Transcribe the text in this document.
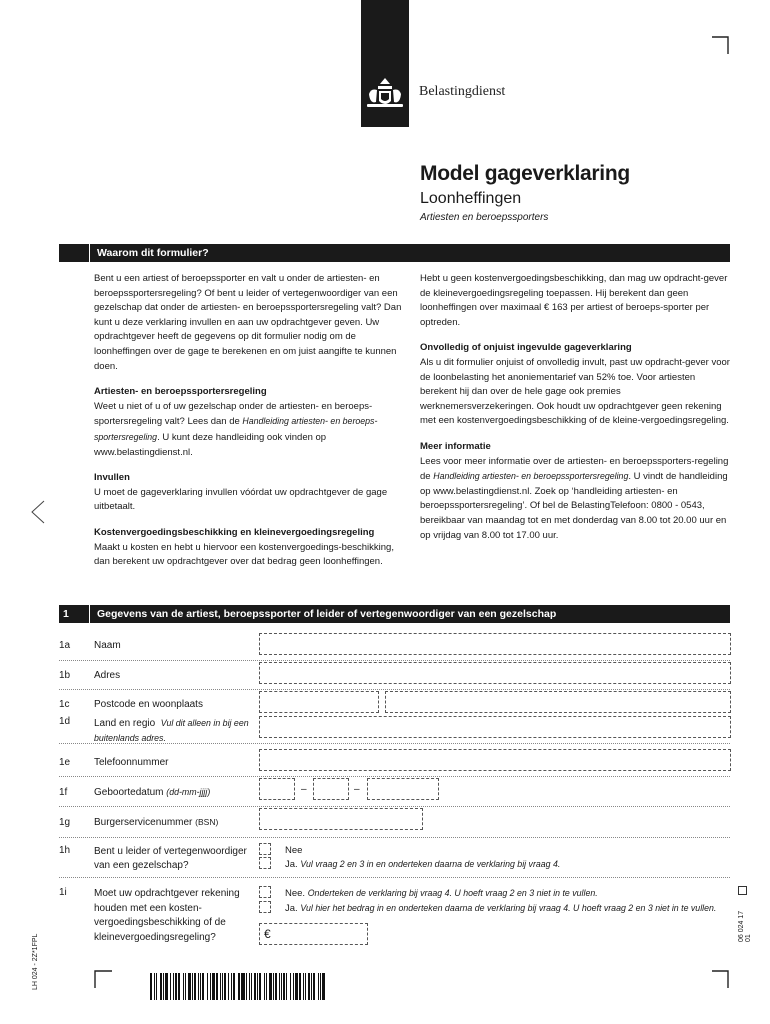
Belastingdienst
Model gageverklaring
Loonheffingen
Artiesten en beroepssporters
Waarom dit formulier?

Bent u een artiest of beroepssporter en valt u onder de artiesten- en beroepssportersregeling? Of bent u leider of vertegenwoordiger van een gezelschap dat onder de artiesten- en beroepssportersregeling valt? Dan kunt u deze verklaring invullen en aan uw opdrachtgever geven. Uw opdrachtgever heeft de gegevens op dit formulier nodig om de loonheffingen over de gage te berekenen en om juist aangifte te kunnen doen.

Artiesten- en beroepssportersregeling

Weet u niet of u of uw gezelschap onder de artiesten- en beroeps-sportersregeling valt? Lees dan de Handleiding artiesten- en beroeps-sportersregeling. U kunt deze handleiding ook vinden op www.belastingdienst.nl.

Invullen

U moet de gageverklaring invullen vóórdat uw opdrachtgever de gage uitbetaalt.

Kostenvergoedingsbeschikking en kleinevergoedingsregeling

Maakt u kosten en hebt u hiervoor een kostenvergoedings-beschikking, dan berekent uw opdrachtgever over dat bedrag geen loonheffingen.

Hebt u geen kostenvergoedingsbeschikking, dan mag uw opdracht-gever de kleinevergoedingsregeling toepassen. Hij berekent dan geen loonheffingen over maximaal € 163 per artiest of beroeps-sporter per optreden.

Onvolledig of onjuist ingevulde gageverklaring

Als u dit formulier onjuist of onvolledig invult, past uw opdracht-gever voor de loonbelasting het anoniementarief van 52% toe. Voor artiesten berekent hij dan over de hele gage ook premies werknemersverzekeringen. Ook houdt uw opdrachtgever geen rekening met een kostenvergoedingsbeschikking of de kleine-vergoedingsregeling.

Meer informatie

Lees voor meer informatie over de artiesten- en beroepssporters-regeling de Handleiding artiesten- en beroepssportersregeling. U vindt de handleiding op www.belastingdienst.nl. Zoek op ‘handleiding artiesten- en beroepssportersregeling’. Of bel de BelastingTelefoon: 0800 - 0543, bereikbaar van maandag tot en met donderdag van 8.00 tot 20.00 uur en op vrijdag van 8.00 tot 17.00 uur.

1	Gegevens van de artiest, beroepssporter of leider of vertegenwoordiger van een gezelschap
1a Naam
1b Adres
1c Postcode en woonplaats
1d Land en regio Vul dit alleen in bij een buitenlands adres.
1e Telefoonnummer
1f	Geboortedatum (dd-mm-jjjj)	–	–
1g Burgerservicenummer (BSN)
1h Bent u leider of vertegenwoordiger van een gezelschap?
Nee
Ja. Vul vraag 2 en 3 in en onderteken daarna de verklaring bij vraag 4.
1i	Moet uw opdrachtgever rekening houden met een kosten-vergoedingsbeschikking of de kleinevergoedingsregeling?
Nee. Onderteken de verklaring bij vraag 4. U hoeft vraag 2 en 3 niet in te vullen.
Ja. Vul hier het bedrag in en onderteken daarna de verklaring bij vraag 4. U hoeft vraag 2 en 3 niet in te vullen.
€
LH 024 - 2Z*1FPL
06 024 17 01
